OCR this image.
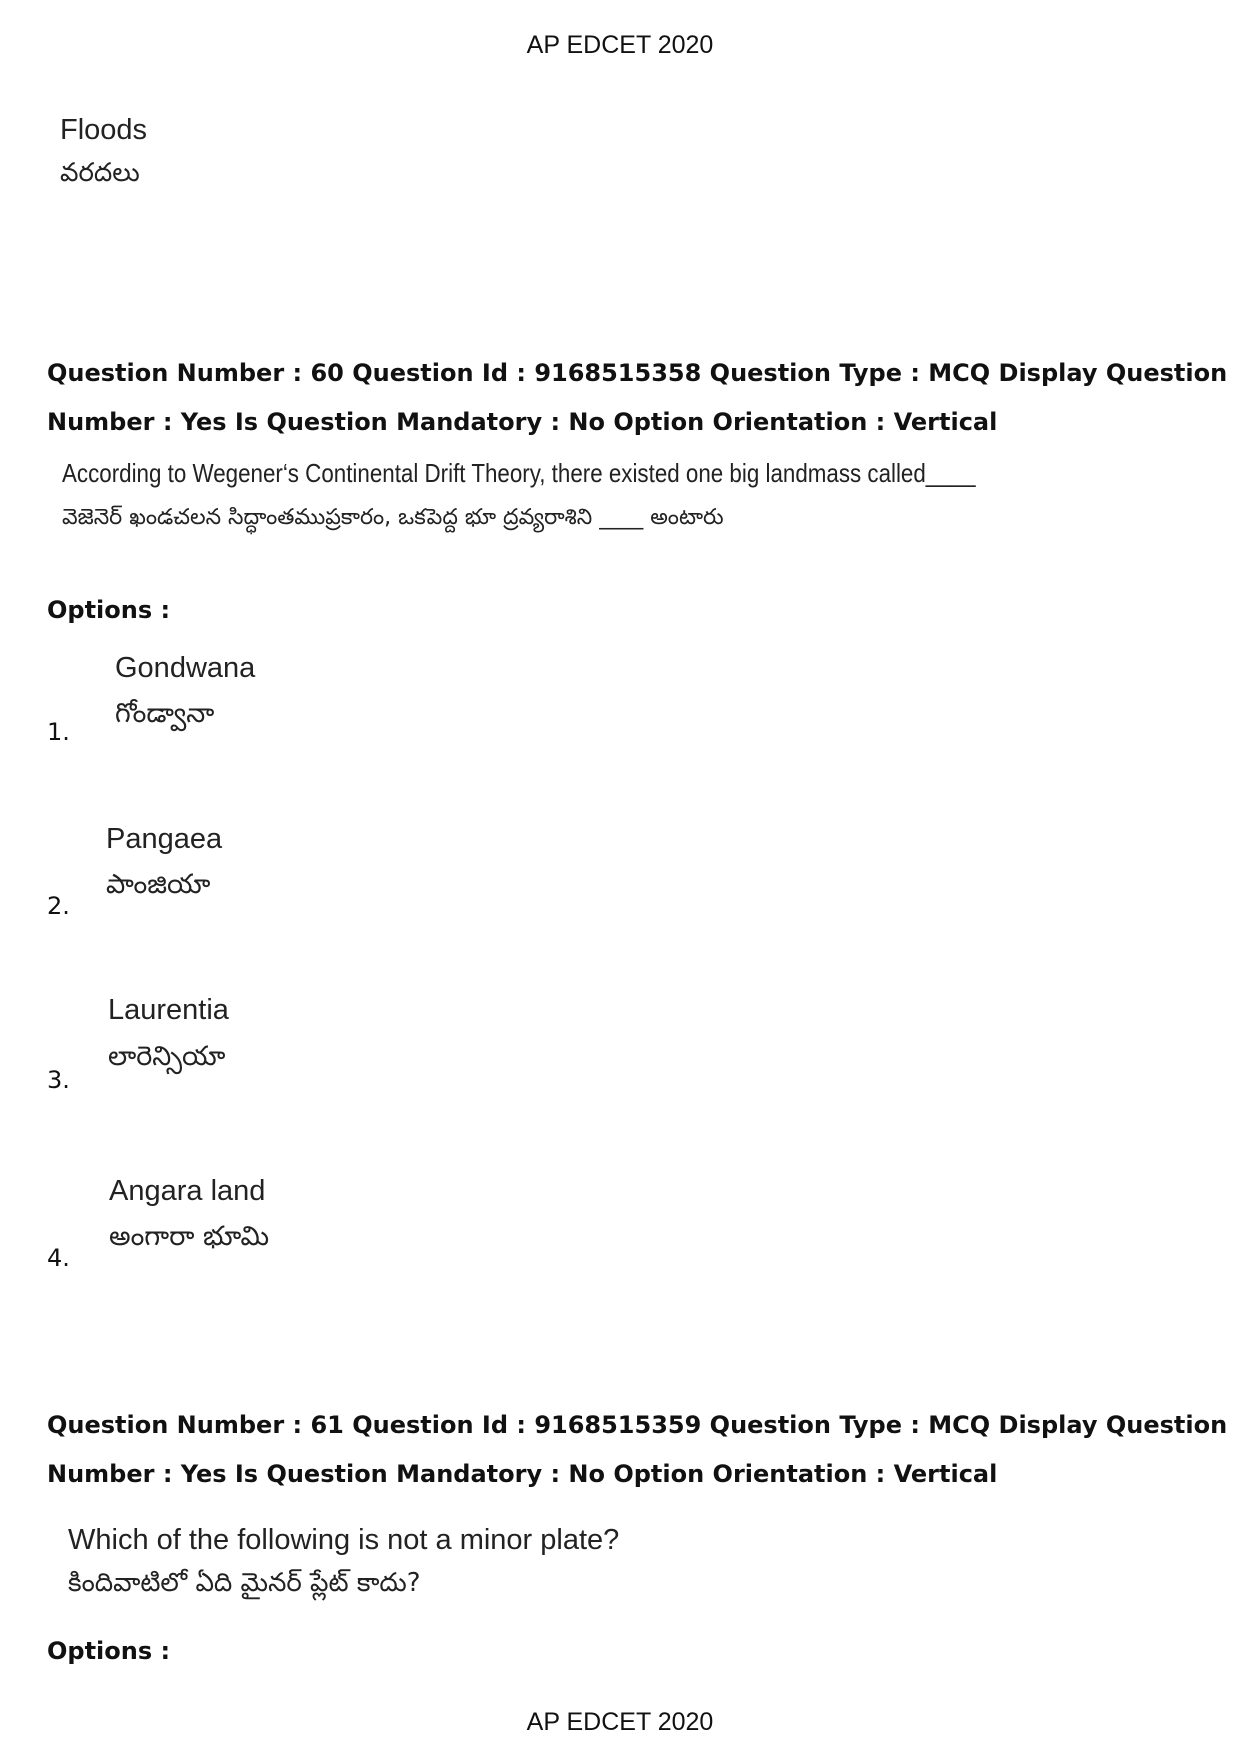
AP EDCET 2020
Floods
వరదలు
Question Number : 60 Question Id : 9168515358 Question Type : MCQ Display Question
Number : Yes Is Question Mandatory : No Option Orientation : Vertical
According to Wegener‘s Continental Drift Theory, there existed one big landmass called____
వెజెనెర్ ఖండచలన సిద్ధాంతముప్రకారం, ఒకపెద్ద భూ ద్రవ్యరాశిని ____ అంటారు
Options :
Gondwana
గోండ్వానా
1.
Pangaea
పాంజియా
2.
Laurentia
లారెన్సియా
3.
Angara land
అంగారా భూమి
4.
Question Number : 61 Question Id : 9168515359 Question Type : MCQ Display Question
Number : Yes Is Question Mandatory : No Option Orientation : Vertical
Which of the following is not a minor plate?
కిందివాటిలో ఏది మైనర్ ప్లేట్ కాదు?
Options :
AP EDCET 2020
